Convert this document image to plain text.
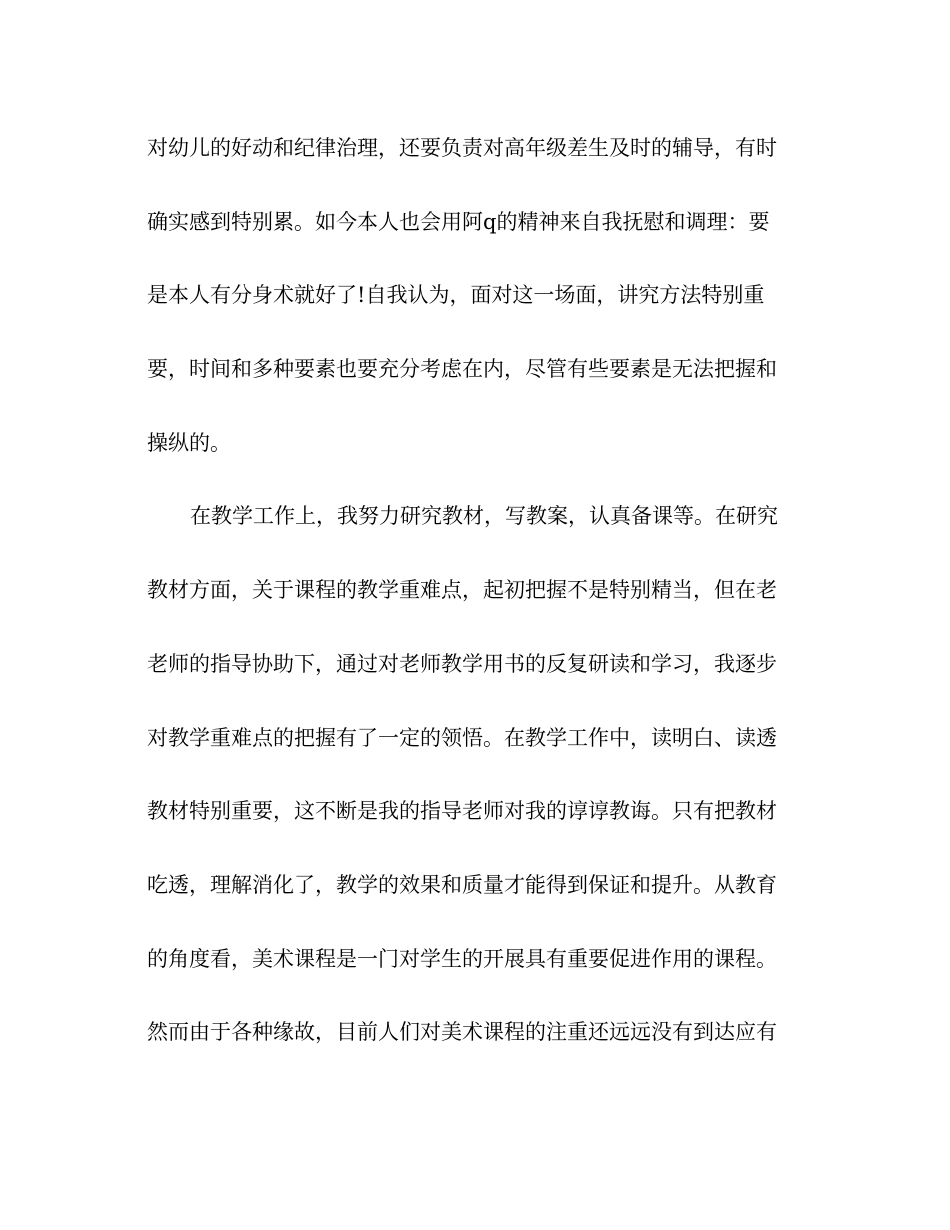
对幼儿的好动和纪律治理，还要负责对高年级差生及时的辅导，有时
确实感到特别累。如今本人也会用阿q的精神来自我抚慰和调理：要
是本人有分身术就好了!自我认为，面对这一场面，讲究方法特别重
要，时间和多种要素也要充分考虑在内，尽管有些要素是无法把握和
操纵的。
在教学工作上，我努力研究教材，写教案，认真备课等。在研究
教材方面，关于课程的教学重难点，起初把握不是特别精当，但在老
老师的指导协助下，通过对老师教学用书的反复研读和学习，我逐步
对教学重难点的把握有了一定的领悟。在教学工作中，读明白、读透
教材特别重要，这不断是我的指导老师对我的谆谆教诲。只有把教材
吃透，理解消化了，教学的效果和质量才能得到保证和提升。从教育
的角度看，美术课程是一门对学生的开展具有重要促进作用的课程。
然而由于各种缘故，目前人们对美术课程的注重还远远没有到达应有
